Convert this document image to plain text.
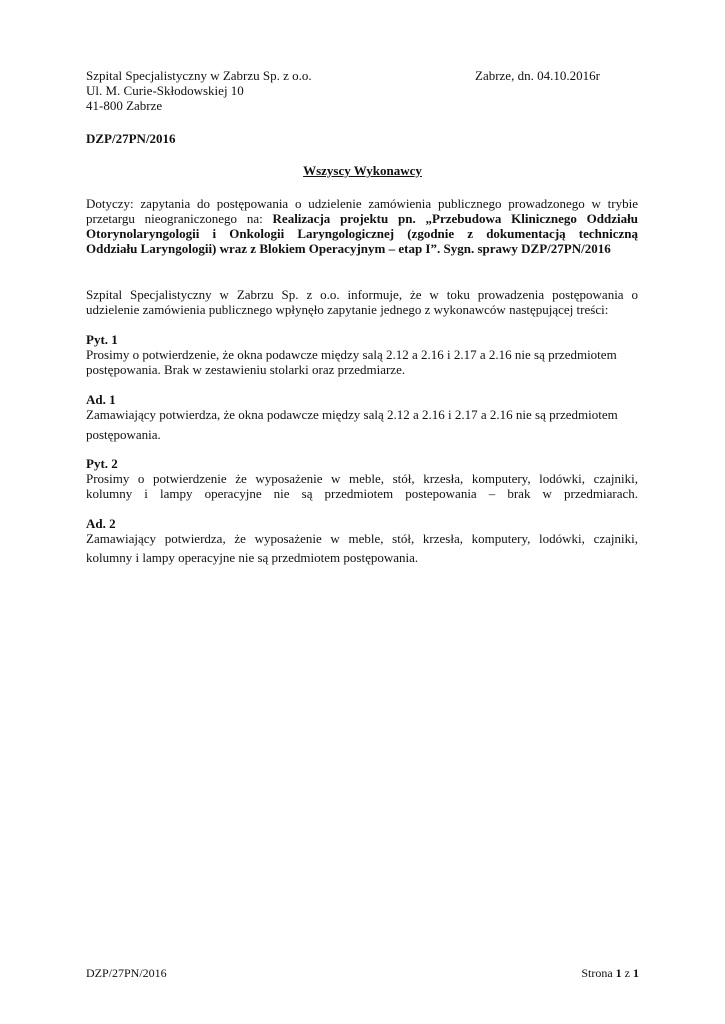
Szpital Specjalistyczny w Zabrzu Sp. z o.o.
Ul. M. Curie-Skłodowskiej 10
41-800 Zabrze
Zabrze, dn. 04.10.2016r
DZP/27PN/2016
Wszyscy Wykonawcy
Dotyczy: zapytania do postępowania o udzielenie zamówienia publicznego prowadzonego w trybie
przetargu nieograniczonego na: Realizacja projektu pn. „Przebudowa Klinicznego Oddziału
Otorynolaryngologii i Onkologii Laryngologicznej (zgodnie z dokumentacją techniczną
Oddziału Laryngologii) wraz z Blokiem Operacyjnym – etap I”. Sygn. sprawy DZP/27PN/2016
Szpital Specjalistyczny w Zabrzu Sp. z o.o. informuje, że w toku prowadzenia postępowania o
udzielenie zamówienia publicznego wpłynęło zapytanie jednego z wykonawców następującej treści:
Pyt. 1
Prosimy o potwierdzenie, że okna podawcze między salą 2.12 a 2.16 i 2.17 a 2.16 nie są przedmiotem
postępowania. Brak w zestawieniu stolarki oraz przedmiarze.
Ad. 1
Zamawiający potwierdza, że okna podawcze między salą 2.12 a 2.16 i 2.17 a 2.16 nie są przedmiotem
postępowania.
Pyt. 2
Prosimy o potwierdzenie że wyposażenie w meble, stół, krzesła, komputery, lodówki, czajniki,
kolumny i lampy operacyjne nie są przedmiotem postepowania – brak w przedmiarach.
Ad. 2
Zamawiający potwierdza, że wyposażenie w meble, stół, krzesła, komputery, lodówki, czajniki,
kolumny i lampy operacyjne nie są przedmiotem postępowania.
DZP/27PN/2016	Strona 1 z 1
